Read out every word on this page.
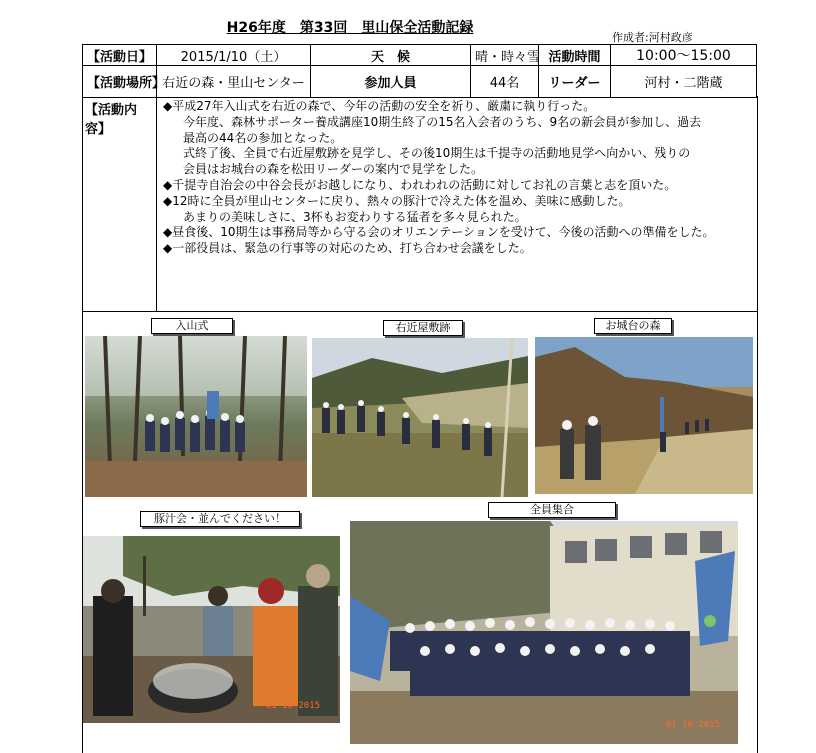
H26年度　第33回　里山保全活動記録
作成者:河村政彦
【活動日】	2015/1/10（土）	天　候	晴・時々雪	活動時間	10:00～15:00
【活動場所】	右近の森・里山センター	参加人員	44名	リーダー	河村・二階蔵
【活動内容】
◆平成27年入山式を右近の森で、今年の活動の安全を祈り、厳粛に執り行った。
今年度、森林サポーター養成講座10期生終了の15名入会者のうち、9名の新会員が参加し、過去
最高の44名の参加となった。
式終了後、全員で右近屋敷跡を見学し、その後10期生は千提寺の活動地見学へ向かい、残りの
会員はお城台の森を松田リーダーの案内で見学をした。
◆千提寺自治会の中谷会長がお越しになり、われわれの活動に対してお礼の言葉と志を頂いた。
◆12時に全員が里山センターに戻り、熱々の豚汁で冷えた体を温め、美味に感動した。
あまりの美味しさに、3杯もお変わりする猛者を多々見られた。
◆昼食後、10期生は事務局等から守る会のオリエンテーションを受けて、今後の活動への準備をした。
◆一部役員は、緊急の行事等の対応のため、打ち合わせ会議をした。
入山式	右近屋敷跡	お城台の森
豚汁会・並んでください！
01 10 2015
全員集合
01 10 2015
